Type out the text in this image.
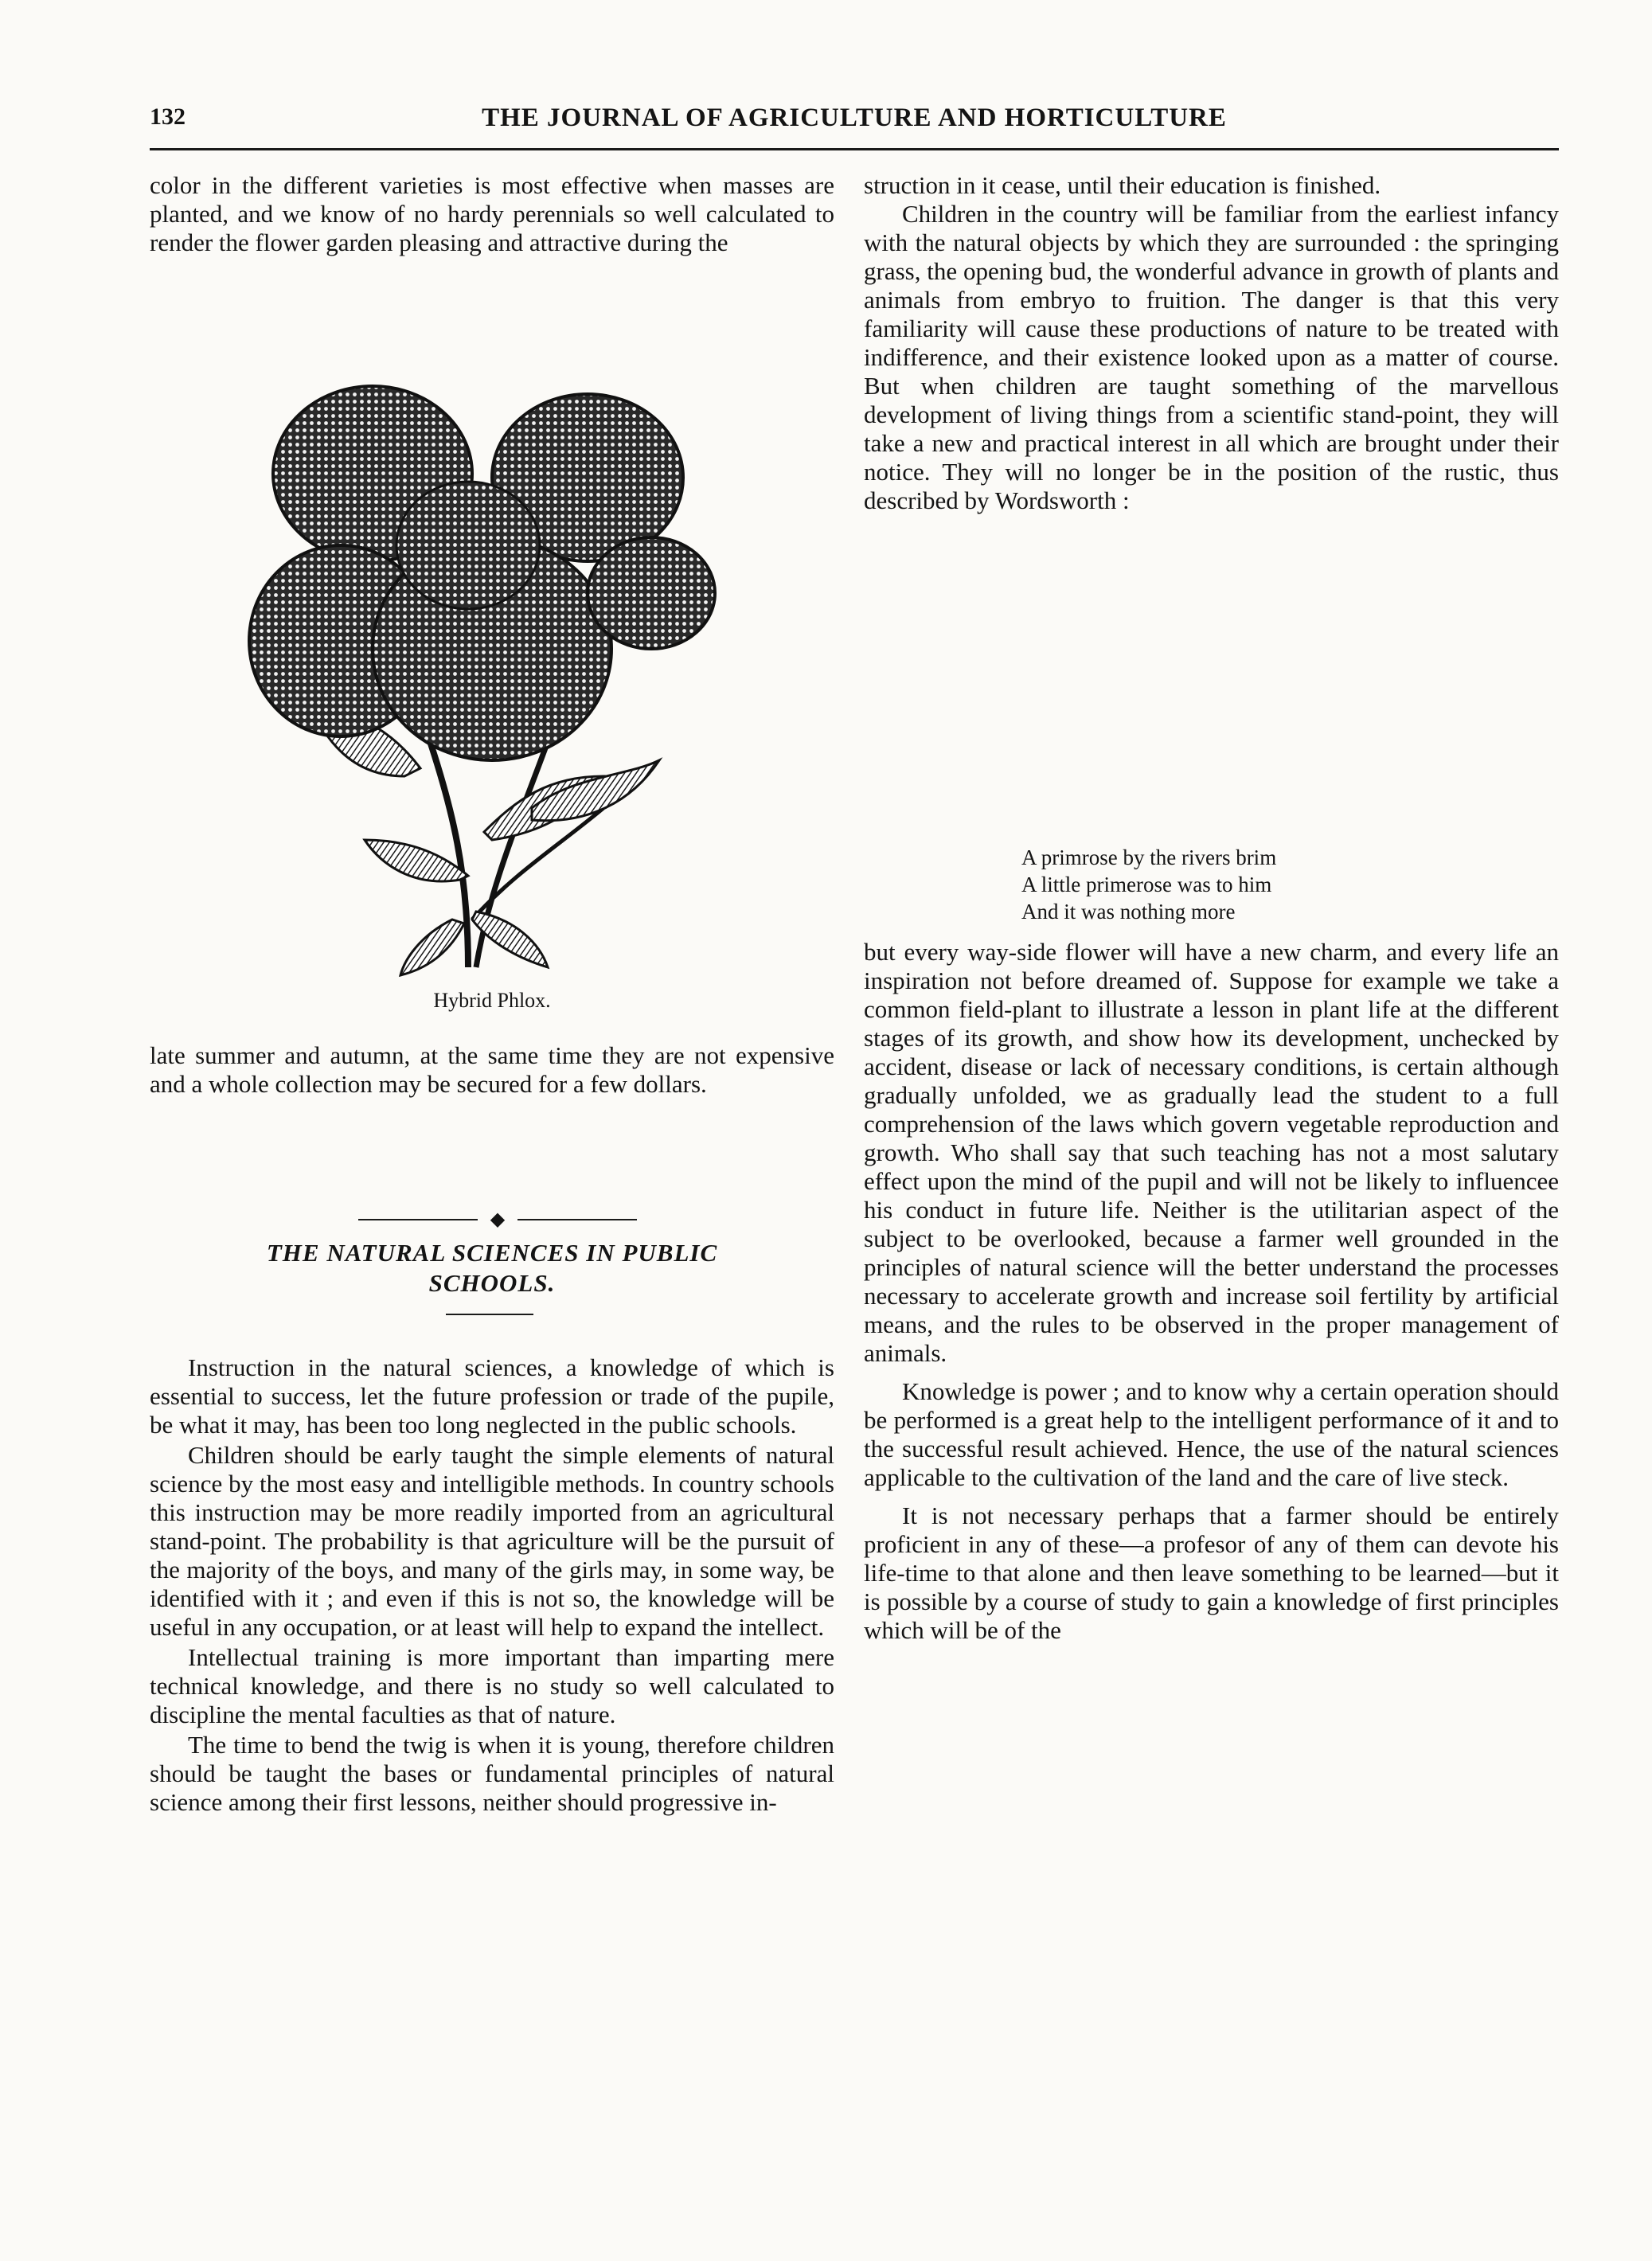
132	THE JOURNAL OF AGRICULTURE AND HORTICULTURE

color in the different varieties is most effective when masses are planted, and we know of no hardy perennials so well calculated to render the flower garden pleasing and attractive during the

Hybrid Phlox.

late summer and autumn, at the same time they are not expensive and a whole collection may be secured for a few dollars.

◆
THE NATURAL SCIENCES IN PUBLIC
SCHOOLS.

Instruction in the natural sciences, a knowledge of which is essential to success, let the future profession or trade of the pupile, be what it may, has been too long neglected in the public schools.

Children should be early taught the simple elements of natural science by the most easy and intelligible methods. In country schools this instruction may be more readily imported from an agricultural stand-point. The probability is that agriculture will be the pursuit of the majority of the boys, and many of the girls may, in some way, be identified with it ; and even if this is not so, the knowledge will be useful in any occupation, or at least will help to expand the intellect.

Intellectual training is more important than imparting mere technical knowledge, and there is no study so well calculated to discipline the mental faculties as that of nature.

The time to bend the twig is when it is young, therefore children should be taught the bases or fundamental principles of natural science among their first lessons, neither should progressive in-

struction in it cease, until their education is finished.

Children in the country will be familiar from the earliest infancy with the natural objects by which they are surrounded : the springing grass, the opening bud, the wonderful advance in growth of plants and animals from embryo to fruition. The danger is that this very familiarity will cause these productions of nature to be treated with indifference, and their existence looked upon as a matter of course. But when children are taught something of the marvellous development of living things from a scientific stand-point, they will take a new and practical interest in all which are brought under their notice. They will no longer be in the position of the rustic, thus described by Wordsworth :

A primrose by the rivers brim
A little primerose was to him
And it was nothing more

but every way-side flower will have a new charm, and every life an inspiration not before dreamed of. Suppose for example we take a common field-plant to illustrate a lesson in plant life at the different stages of its growth, and show how its development, unchecked by accident, disease or lack of necessary conditions, is certain although gradually unfolded, we as gradually lead the student to a full comprehension of the laws which govern vegetable reproduction and growth. Who shall say that such teaching has not a most salutary effect upon the mind of the pupil and will not be likely to influencee his conduct in future life. Neither is the utilitarian aspect of the subject to be overlooked, because a farmer well grounded in the principles of natural science will the better understand the processes necessary to accelerate growth and increase soil fertility by artificial means, and the rules to be observed in the proper management of animals.

Knowledge is power ; and to know why a certain operation should be performed is a great help to the intelligent performance of it and to the successful result achieved. Hence, the use of the natural sciences applicable to the cultivation of the land and the care of live steck.

It is not necessary perhaps that a farmer should be entirely proficient in any of these—a profesor of any of them can devote his life-time to that alone and then leave something to be learned—but it is possible by a course of study to gain a knowledge of first principles which will be of the
